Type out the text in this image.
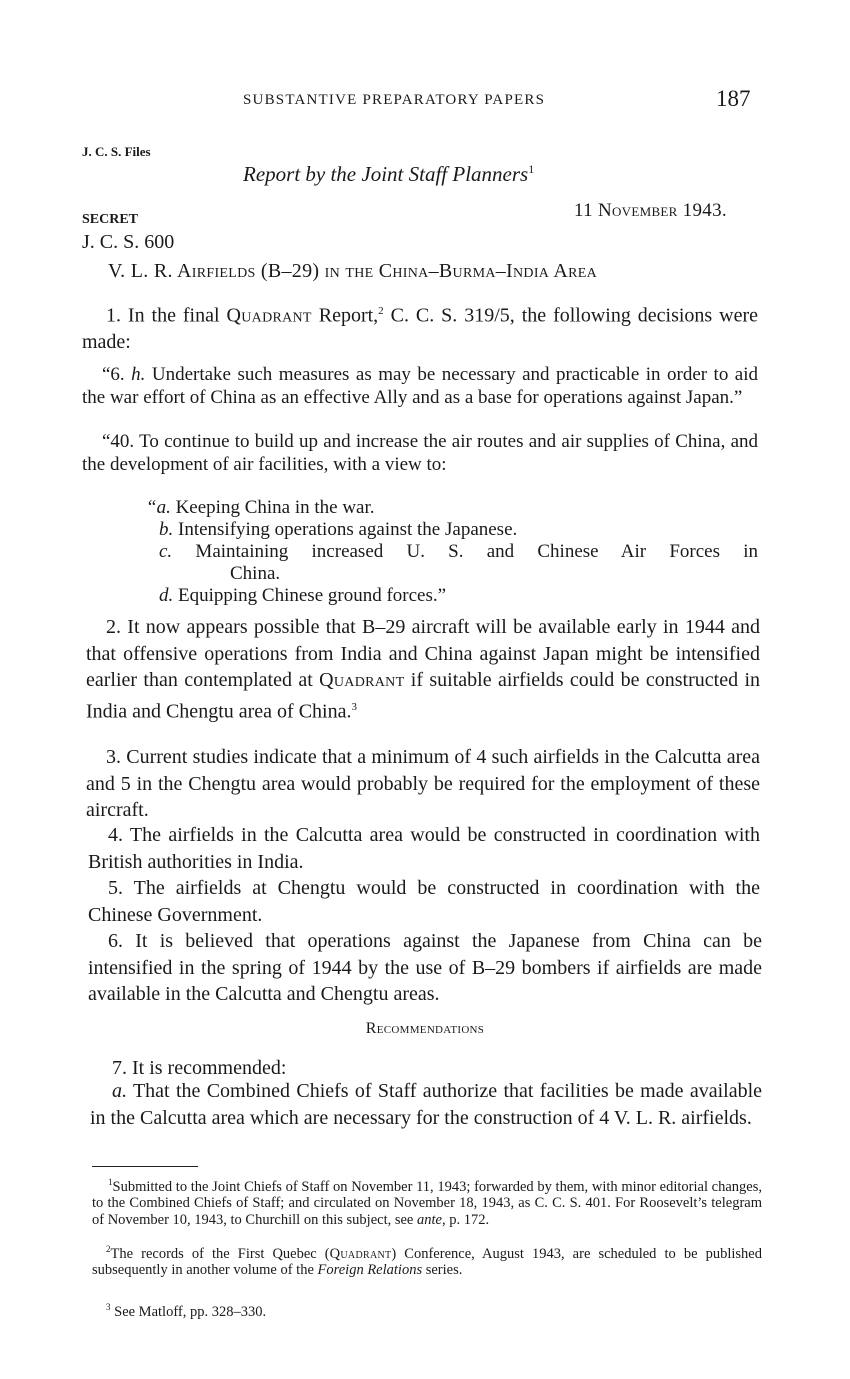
SUBSTANTIVE PREPARATORY PAPERS	187
J. C. S. Files
Report by the Joint Staff Planners$^1$
SECRET	11 November 1943.
J. C. S. 600
V. L. R. Airfields (B–29) in the China–Burma–India Area
1. In the final Quadrant Report,$^2$ C. C. S. 319/5, the following decisions were made:
“6. h. Undertake such measures as may be necessary and practicable in order to aid the war effort of China as an effective Ally and as a base for operations against Japan.”
“40. To continue to build up and increase the air routes and air supplies of China, and the development of air facilities, with a view to:
“a. Keeping China in the war.
b. Intensifying operations against the Japanese.
c. Maintaining increased U. S. and Chinese Air Forces in
China.
d. Equipping Chinese ground forces.”
2. It now appears possible that B–29 aircraft will be available early in 1944 and that offensive operations from India and China against Japan might be intensified earlier than contemplated at Quadrant if suitable airfields could be constructed in India and Chengtu area of China.$^3$
3. Current studies indicate that a minimum of 4 such airfields in the Calcutta area and 5 in the Chengtu area would probably be required for the employment of these aircraft.
4. The airfields in the Calcutta area would be constructed in coordination with British authorities in India.
5. The airfields at Chengtu would be constructed in coordination with the Chinese Government.
6. It is believed that operations against the Japanese from China can be intensified in the spring of 1944 by the use of B–29 bombers if airfields are made available in the Calcutta and Chengtu areas.
Recommendations
7. It is recommended:
a. That the Combined Chiefs of Staff authorize that facilities be made available in the Calcutta area which are necessary for the construction of 4 V. L. R. airfields.
$^1$Submitted to the Joint Chiefs of Staff on November 11, 1943; forwarded by them, with minor editorial changes, to the Combined Chiefs of Staff; and circulated on November 18, 1943, as C. C. S. 401. For Roosevelt’s telegram of November 10, 1943, to Churchill on this subject, see ante, p. 172.
$^2$The records of the First Quebec (Quadrant) Conference, August 1943, are scheduled to be published subsequently in another volume of the Foreign Relations series.
$^3$ See Matloff, pp. 328–330.
